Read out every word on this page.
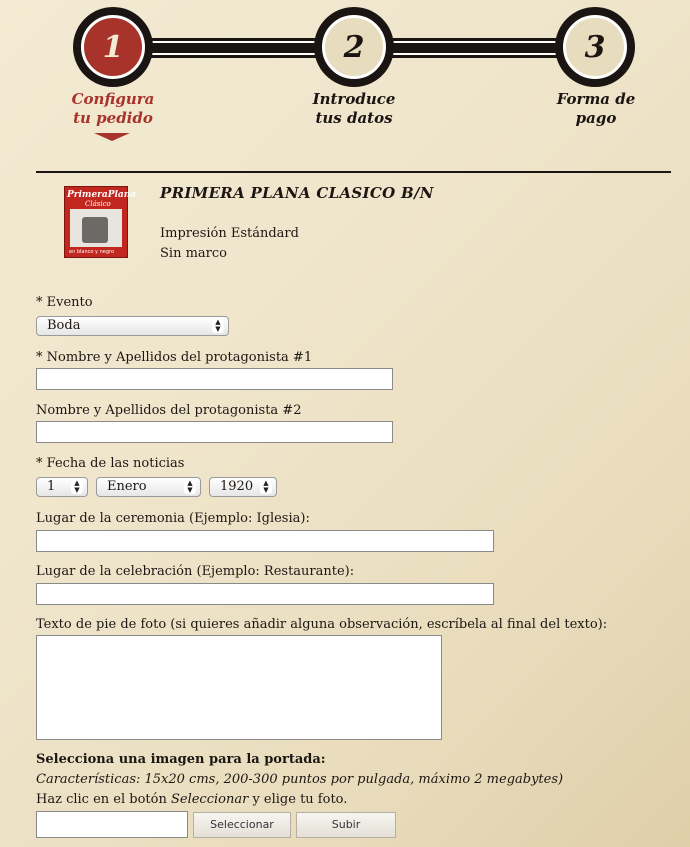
1	2	3
Configura
tu pedido
Introduce
tus datos
Forma de
pago
PrimeraPlana
Clásico
en blanco y negro
PRIMERA PLANA CLASICO B/N
Impresión Estándard
Sin marco
* Evento
Boda	▲
▼
* Nombre y Apellidos del protagonista #1
Nombre y Apellidos del protagonista #2
* Fecha de las noticias
1	▲
▼	Enero	▲
▼	1920	▲
▼
Lugar de la ceremonia (Ejemplo: Iglesia):
Lugar de la celebración (Ejemplo: Restaurante):
Texto de pie de foto (si quieres añadir alguna observación, escríbela al final del texto):
Selecciona una imagen para la portada:
Características: 15x20 cms, 200-300 puntos por pulgada, máximo 2 megabytes)
Haz clic en el botón Seleccionar y elige tu foto.
Seleccionar	Subir
